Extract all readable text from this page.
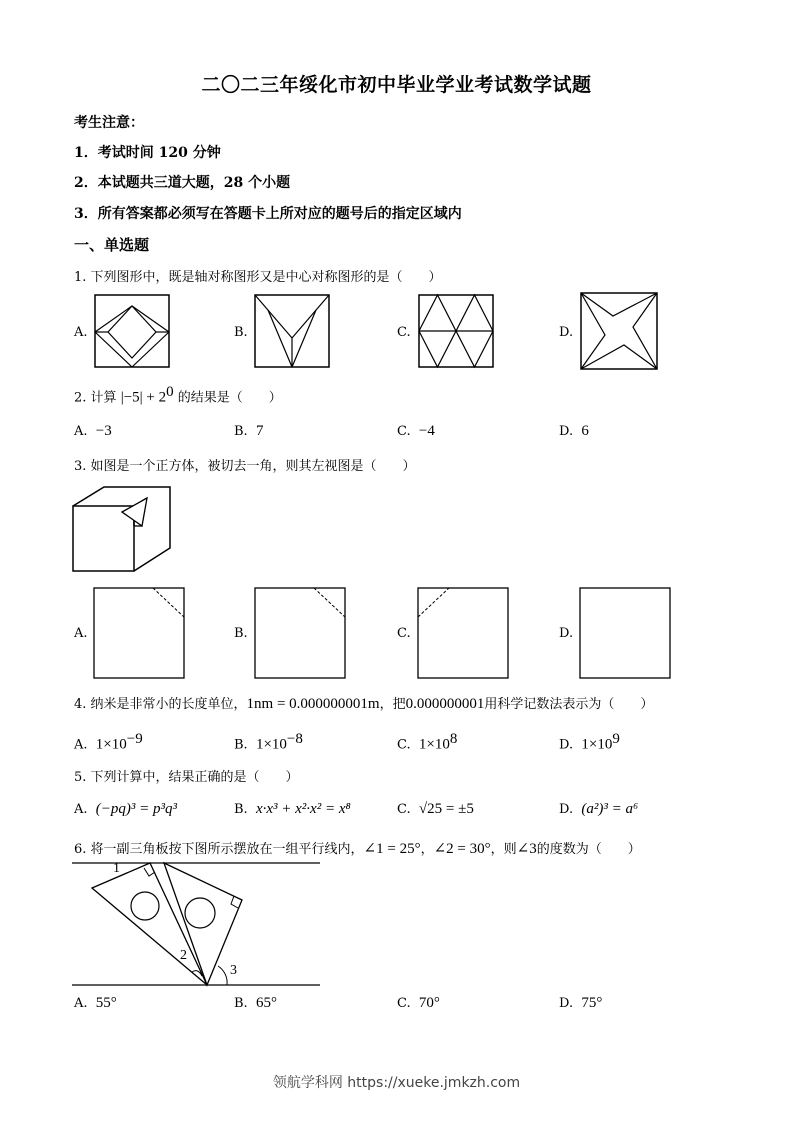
二〇二三年绥化市初中毕业学业考试数学试题
考生注意：
1．考试时间 120 分钟
2．本试题共三道大题，28 个小题
3．所有答案都必须写在答题卡上所对应的题号后的指定区域内
一、单选题
1. 下列图形中，既是轴对称图形又是中心对称图形的是（　　）
A.	B.	C.	D.
2. 计算 $|-5| + 2^0$ 的结果是（　　）
A. −3	B. 7	C. −4	D. 6
3. 如图是一个正方体，被切去一角，则其左视图是（　　）
A.	B.	C.	D.
4. 纳米是非常小的长度单位，1nm = 0.000000001m，把0.000000001用科学记数法表示为（　　）
A. $1\times 10^{-9}$	B. $1\times 10^{-8}$	C. $1\times 10^8$	D. $1\times 10^9$
5. 下列计算中，结果正确的是（　　）
A. (−pq)³ = p³q³	B. x·x³ + x²·x² = x⁸	C. √25 = ±5	D. (a²)³ = a⁶
6. 将一副三角板按下图所示摆放在一组平行线内，∠1 = 25°，∠2 = 30°，则∠3的度数为（　　）
1
2
3
A. 55°	B. 65°	C. 70°	D. 75°
领航学科网 https://xueke.jmkzh.com
